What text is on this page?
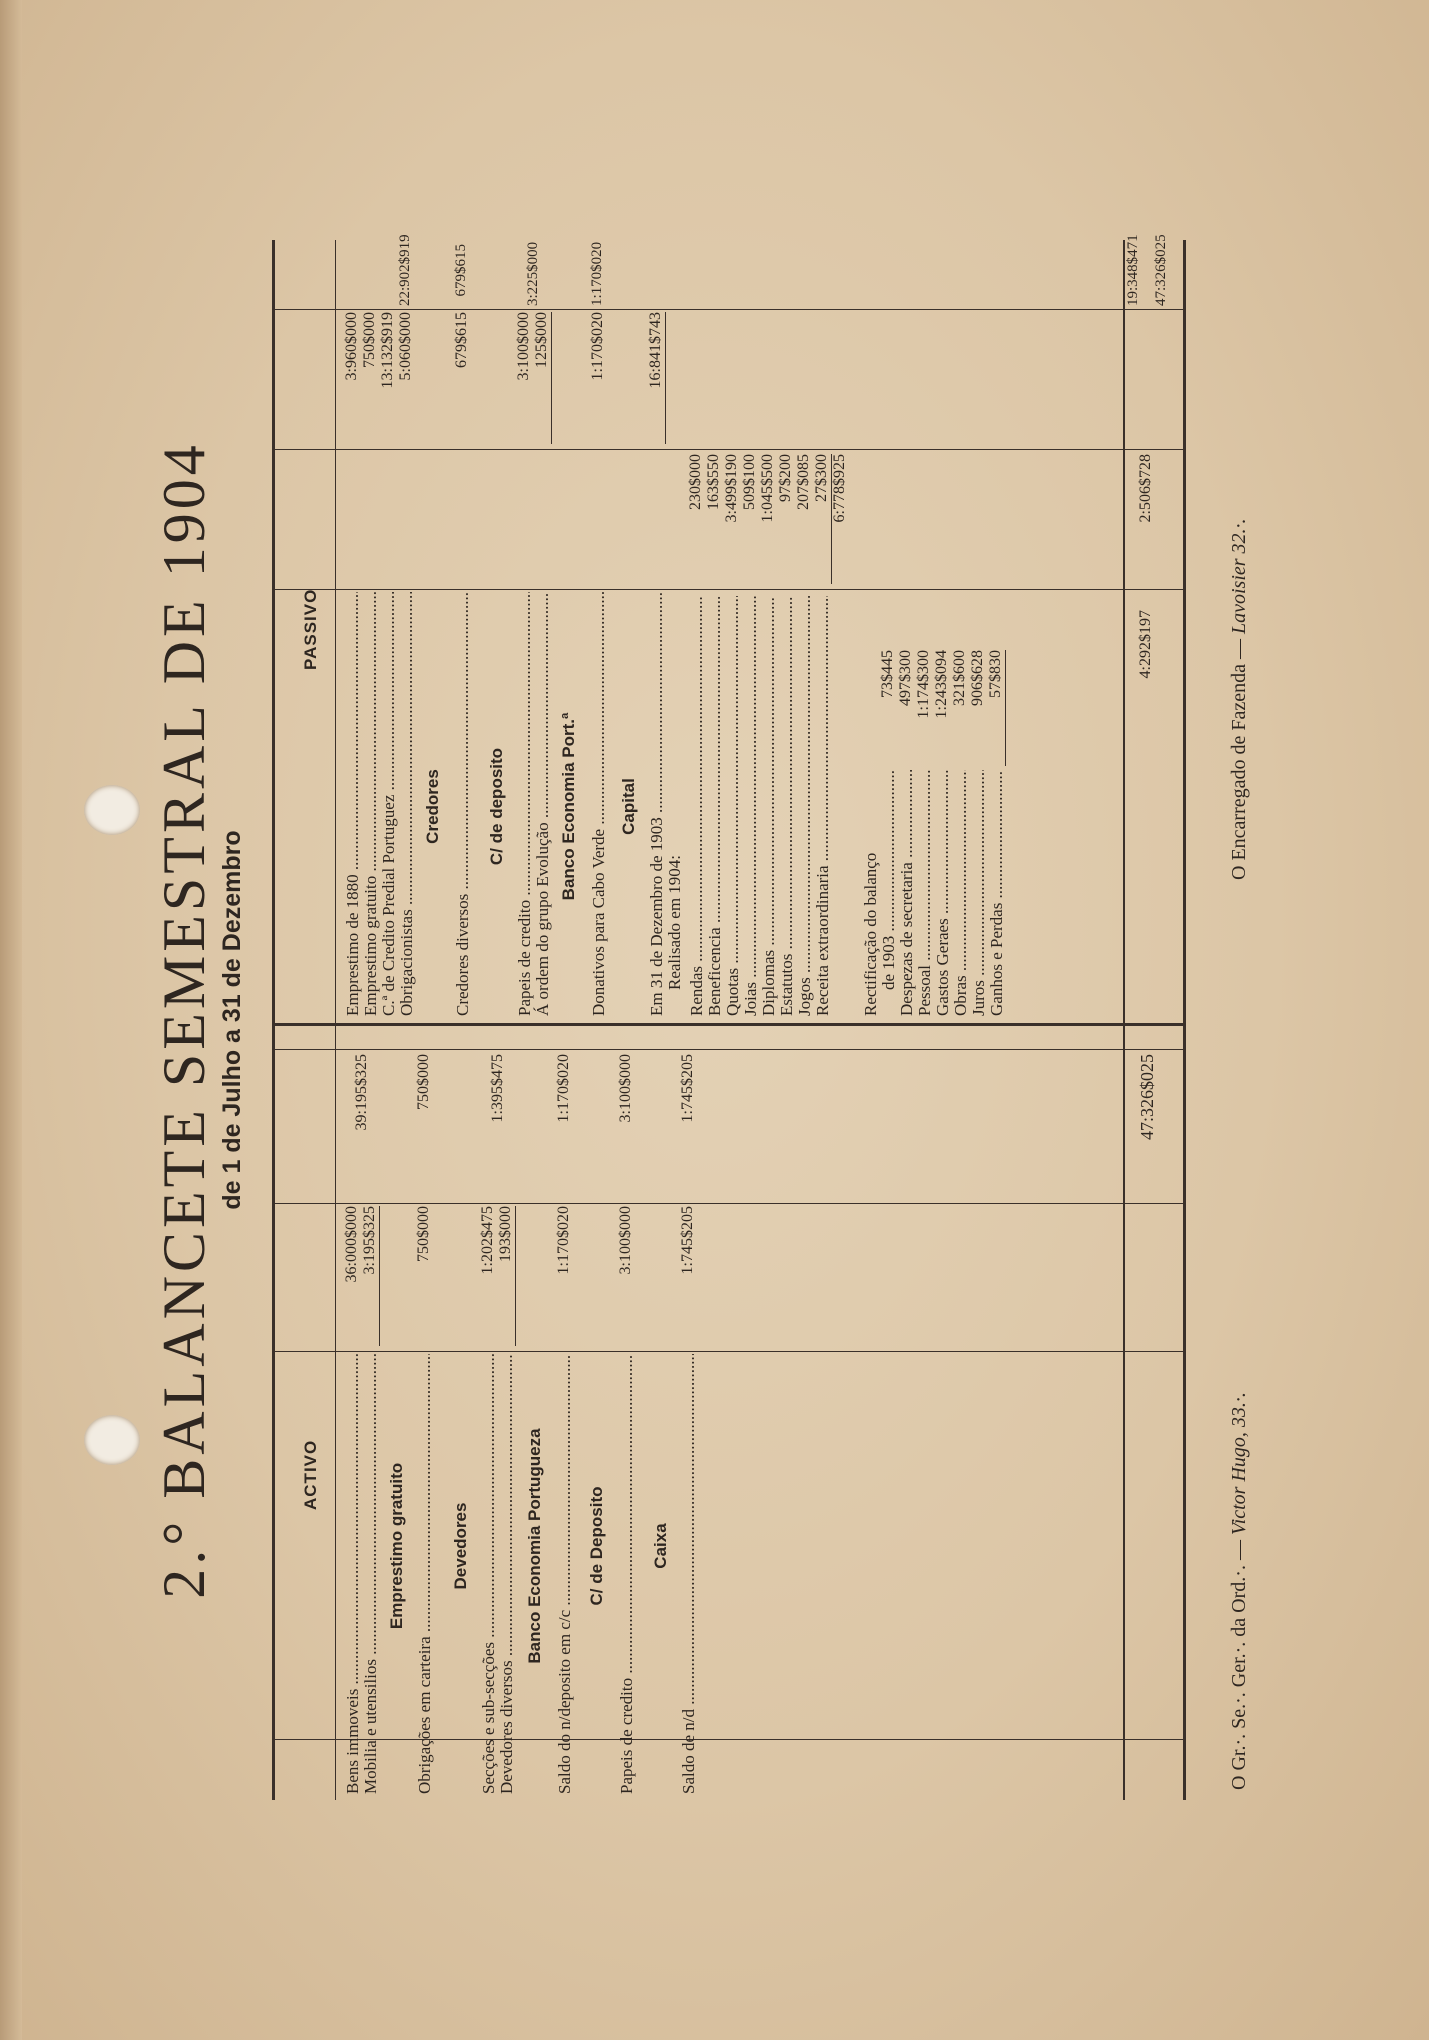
2.° BALANCETE SEMESTRAL DE 1904 de 1 de Julho a 31 de Dezembro
ACTIVO
Bens immoveis .....
36:000$000
Mobilia e utensilios .....
3:195$325
39:195$325
Emprestimo gratuito
Obrigações em carteira .....
750$000
750$000
Devedores
Secções e sub-secções .....
1:202$475
Devedores diversos .....
193$000
1:395$475
Banco Economia Portugueza
Saldo do n/deposito em c/c .....
1:170$020
1:170$020
C/ de Deposito
Papeis de credito .....
3:100$000
3:100$000
Caixa
Saldo de n/d .....
1:745$205
1:745$205	47:326$025
PASSIVO
Emprestimo de 1880 .....
3:960$000
Emprestimo gratuito .....
750$000
C.ª de Credito Predial Portuguez .....
13:132$919
Obrigacionistas .....
5:060$000
22:902$919
Credores
Credores diversos .....
679$615
679$615
C/ de deposito
Papeis de credito .....
3:100$000
Á ordem do grupo Evolução .....
125$000
3:225$000
Banco Economia Port.ª
Donativos para Cabo Verde .....
1:170$020
1:170$020
Capital
Em 31 de Dezembro de 1903 .....
16:841$743
Realisado em 1904:
Rendas .....
230$000
Beneficencia .....
163$550
Quotas .....
3:499$190
Joias .....
509$100
Diplomas .....
1:045$500
Estatutos .....
97$200
Jogos .....
207$085
Receita extraordinaria .....
27$300 6:778$925
Rectificação do balanço de 1903 .....
73$445
Despezas de secretaria .....
497$300
Pessoal .....
1:174$300
Gastos Geraes .....
1:243$094
Obras .....
321$600
Juros .....
906$628
Ganhos e Perdas .....
57$830
2:506$728
4:292$197
19:348$471 47:326$025
O Gr.·. Se.·. Ger.·. da Ord.·. — Victor Hugo, 33.·.
O Encarregado de Fazenda — Lavoisier 32.·.
